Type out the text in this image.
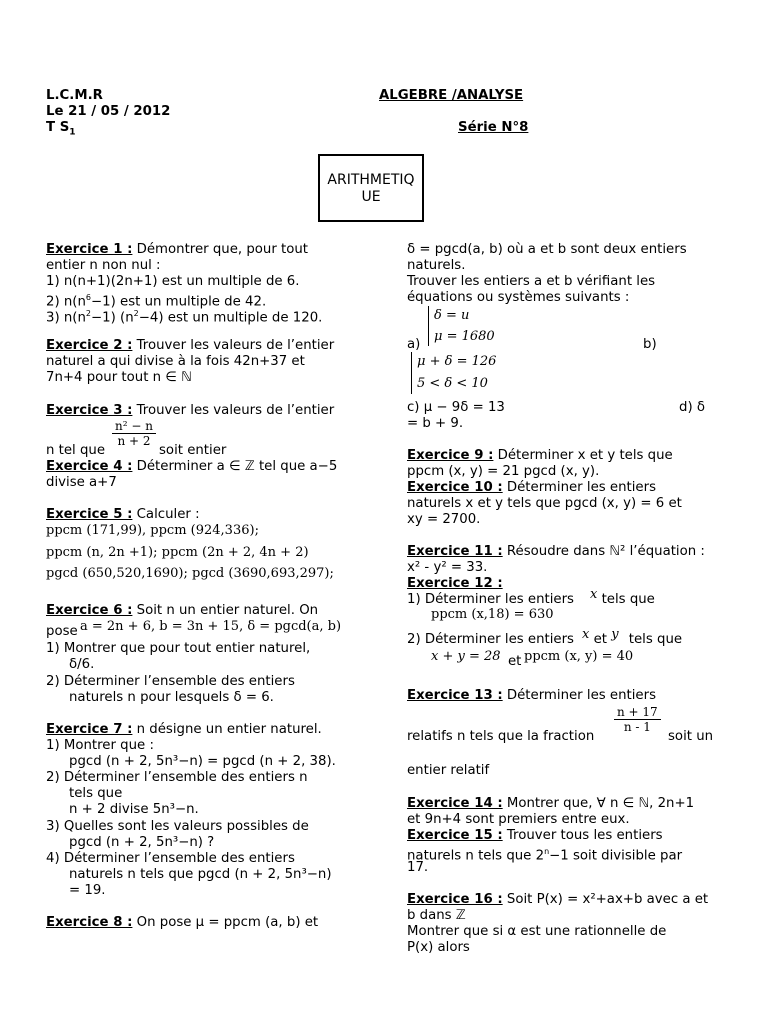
L.C.M.R
Le 21 / 05 / 2012
T $S_1$
ALGEBRE /ANALYSE
Série N°8
ARITHMETIQ
UE
Exercice 1 : Démontrer que, pour tout
entier n non nul :
1) n(n+1)(2n+1) est un multiple de 6.
2) $n(n^6-1)$ est un multiple de 42.
3) $n(n^2-1)$ $(n^2-4)$ est un multiple de 120.
Exercice 2 : Trouver les valeurs de l’entier
naturel a qui divise à la fois 42n+37 et
7n+4 pour tout n ∈ ℕ
Exercice 3 : Trouver les valeurs de l’entier
n tel que
$\frac{\text{n² − n}}{n + 2}$
soit entier
Exercice 4 : Déterminer a ∈ ℤ tel que a−5
divise a+7
Exercice 5 : Calculer :
ppcm (171,99), ppcm (924,336);
ppcm (n, 2n +1); ppcm (2n + 2, 4n + 2)
pgcd (650,520,1690); pgcd (3690,693,297);
Exercice 6 : Soit n un entier naturel. On
pose a = 2n + 6, b = 3n + 15, δ = pgcd(a, b)
1) Montrer que pour tout entier naturel,
δ/6.
2) Déterminer l’ensemble des entiers
naturels n pour lesquels δ = 6.
Exercice 7 : n désigne un entier naturel.
1) Montrer que :
pgcd (n + 2, 5n³−n) = pgcd (n + 2, 38).
2) Déterminer l’ensemble des entiers n
tels que
n + 2 divise 5n³−n.
3) Quelles sont les valeurs possibles de
pgcd (n + 2, 5n³−n) ?
4) Déterminer l’ensemble des entiers
naturels n tels que pgcd (n + 2, 5n³−n)
= 19.
Exercice 8 : On pose μ = ppcm (a, b) et
δ = pgcd(a, b) où a et b sont deux entiers
naturels.
Trouver les entiers a et b vérifiant les
équations ou systèmes suivants :
δ = u
μ = 1680
a)	b)
μ + δ = 126
5 < δ < 10
c) μ − 9δ = 13	d) δ
= b + 9.
Exercice 9 : Déterminer x et y tels que
ppcm (x, y) = 21 pgcd (x, y).
Exercice 10 : Déterminer les entiers
naturels x et y tels que pgcd (x, y) = 6 et
xy = 2700.
Exercice 11 : Résoudre dans ℕ² l’équation :
x² - y² = 33.
Exercice 12 :
1) Déterminer les entiers x tels que
ppcm (x,18) = 630
2) Déterminer les entiers x et y tels que
x + y = 28 et ppcm (x, y) = 40
Exercice 13 : Déterminer les entiers
$\frac{n + 17}{n - 1}$
relatifs n tels que la fraction	soit un
entier relatif
Exercice 14 : Montrer que, ∀ n ∈ ℕ, 2n+1
et 9n+4 sont premiers entre eux.
Exercice 15 : Trouver tous les entiers
naturels n tels que $2^n-1$ soit divisible par
17.
Exercice 16 : Soit P(x) = x²+ax+b avec a et
b dans ℤ
Montrer que si α est une rationnelle de
P(x) alors
